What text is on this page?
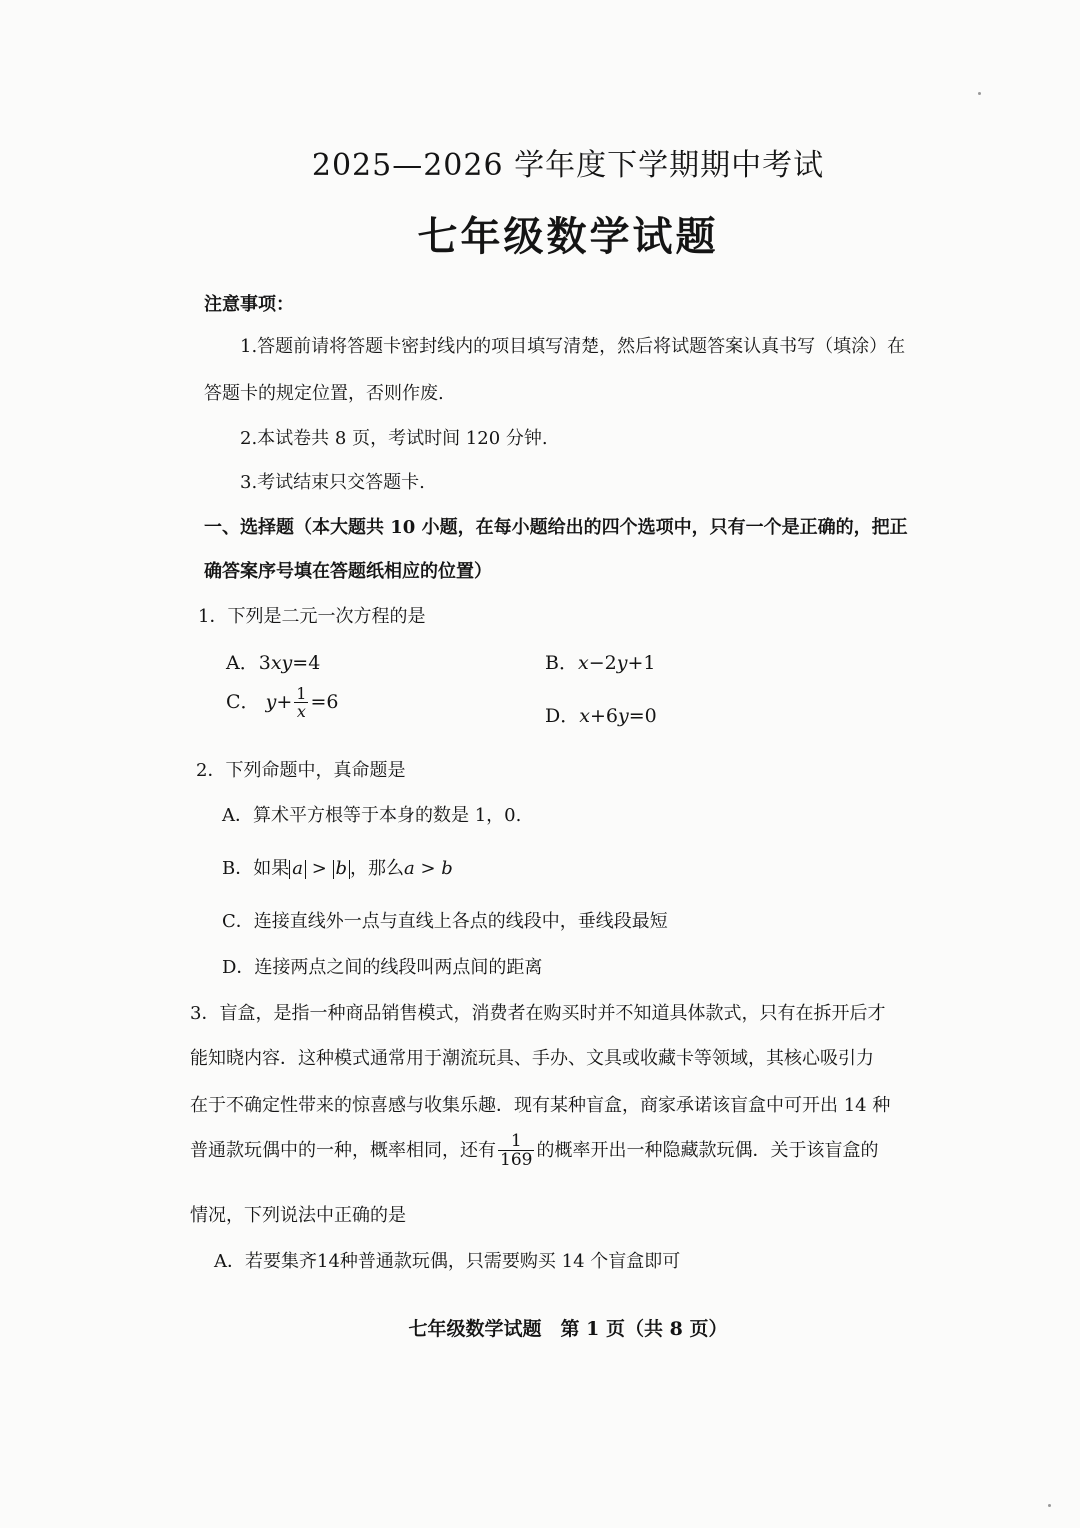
2025—2026 学年度下学期期中考试
七年级数学试题
注意事项：
1.答题前请将答题卡密封线内的项目填写清楚，然后将试题答案认真书写（填涂）在
答题卡的规定位置，否则作废.
2.本试卷共 8 页，考试时间 120 分钟.
3.考试结束只交答题卡.
一、选择题（本大题共 10 小题，在每小题给出的四个选项中，只有一个是正确的，把正
确答案序号填在答题纸相应的位置）
1．下列是二元一次方程的是
A．3xy=4	B．x−2y+1
C． $y+ \frac{1}{x} =6$
D．x+6y=0
2．下列命题中，真命题是
A．算术平方根等于本身的数是 1，0.
B．如果 a > b ，那么a > b
C．连接直线外一点与直线上各点的线段中，垂线段最短
D．连接两点之间的线段叫两点间的距离
3．盲盒，是指一种商品销售模式，消费者在购买时并不知道具体款式，只有在拆开后才
能知晓内容．这种模式通常用于潮流玩具、手办、文具或收藏卡等领域，其核心吸引力
在于不确定性带来的惊喜感与收集乐趣．现有某种盲盒，商家承诺该盲盒中可开出 14 种
普通款玩偶中的一种，概率相同，还有 $\frac{1}{169}$ 的概率开出一种隐藏款玩偶．关于该盲盒的
情况，下列说法中正确的是
A．若要集齐14种普通款玩偶，只需要购买 14 个盲盒即可
七年级数学试题　第 1 页（共 8 页）
